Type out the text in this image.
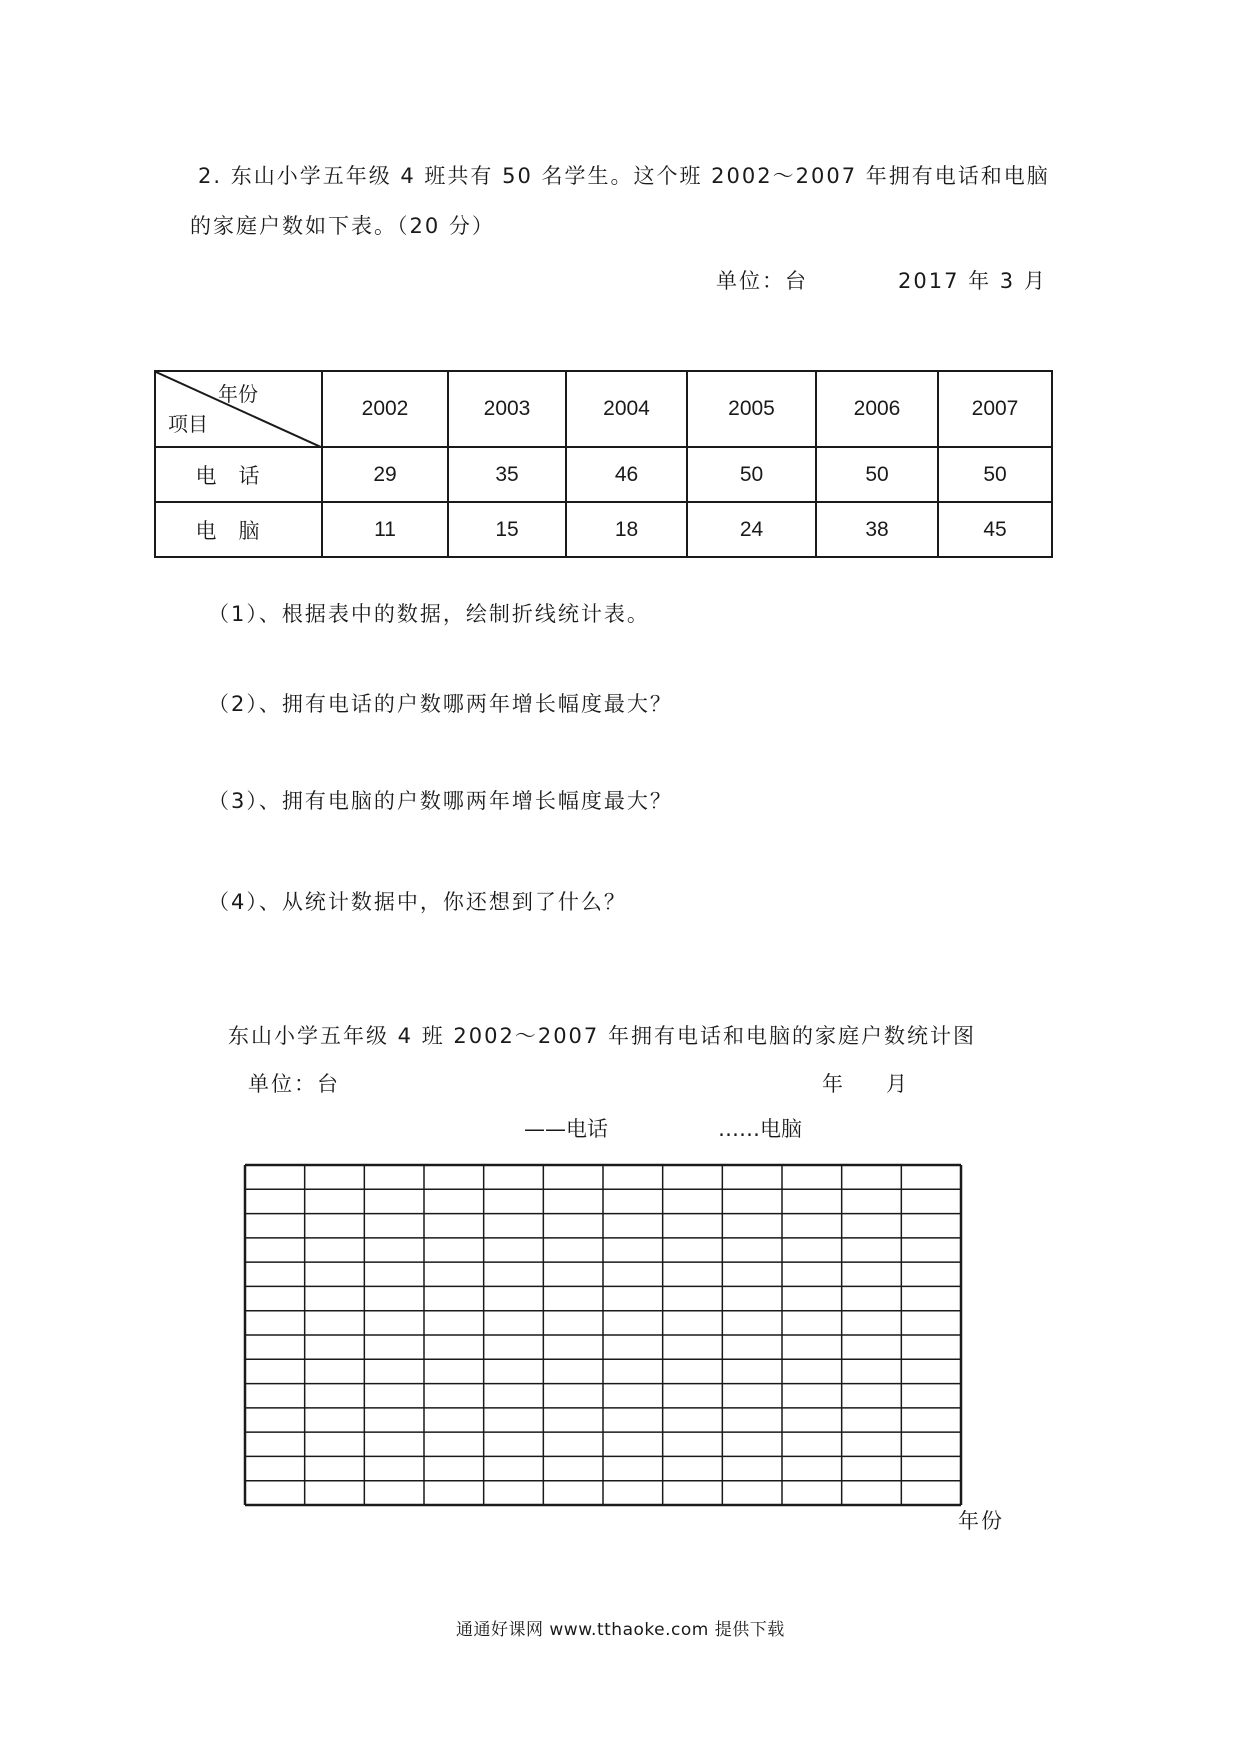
2. 东山小学五年级 4 班共有 50 名学生。这个班 2002～2007 年拥有电话和电脑
的家庭户数如下表。（20 分）
单位：台	2017 年 3 月
年份
项目	2002	2003	2004	2005	2006	2007
电话	29	35	46	50	50	50
电脑	11	15	18	24	38	45
（1）、根据表中的数据，绘制折线统计表。
（2）、拥有电话的户数哪两年增长幅度最大？
（3）、拥有电脑的户数哪两年增长幅度最大？
（4）、从统计数据中，你还想到了什么？
东山小学五年级 4 班 2002～2007 年拥有电话和电脑的家庭户数统计图
单位：台	年 月
——电话	……电脑
年份
通通好课网 www.tthaoke.com 提供下载
